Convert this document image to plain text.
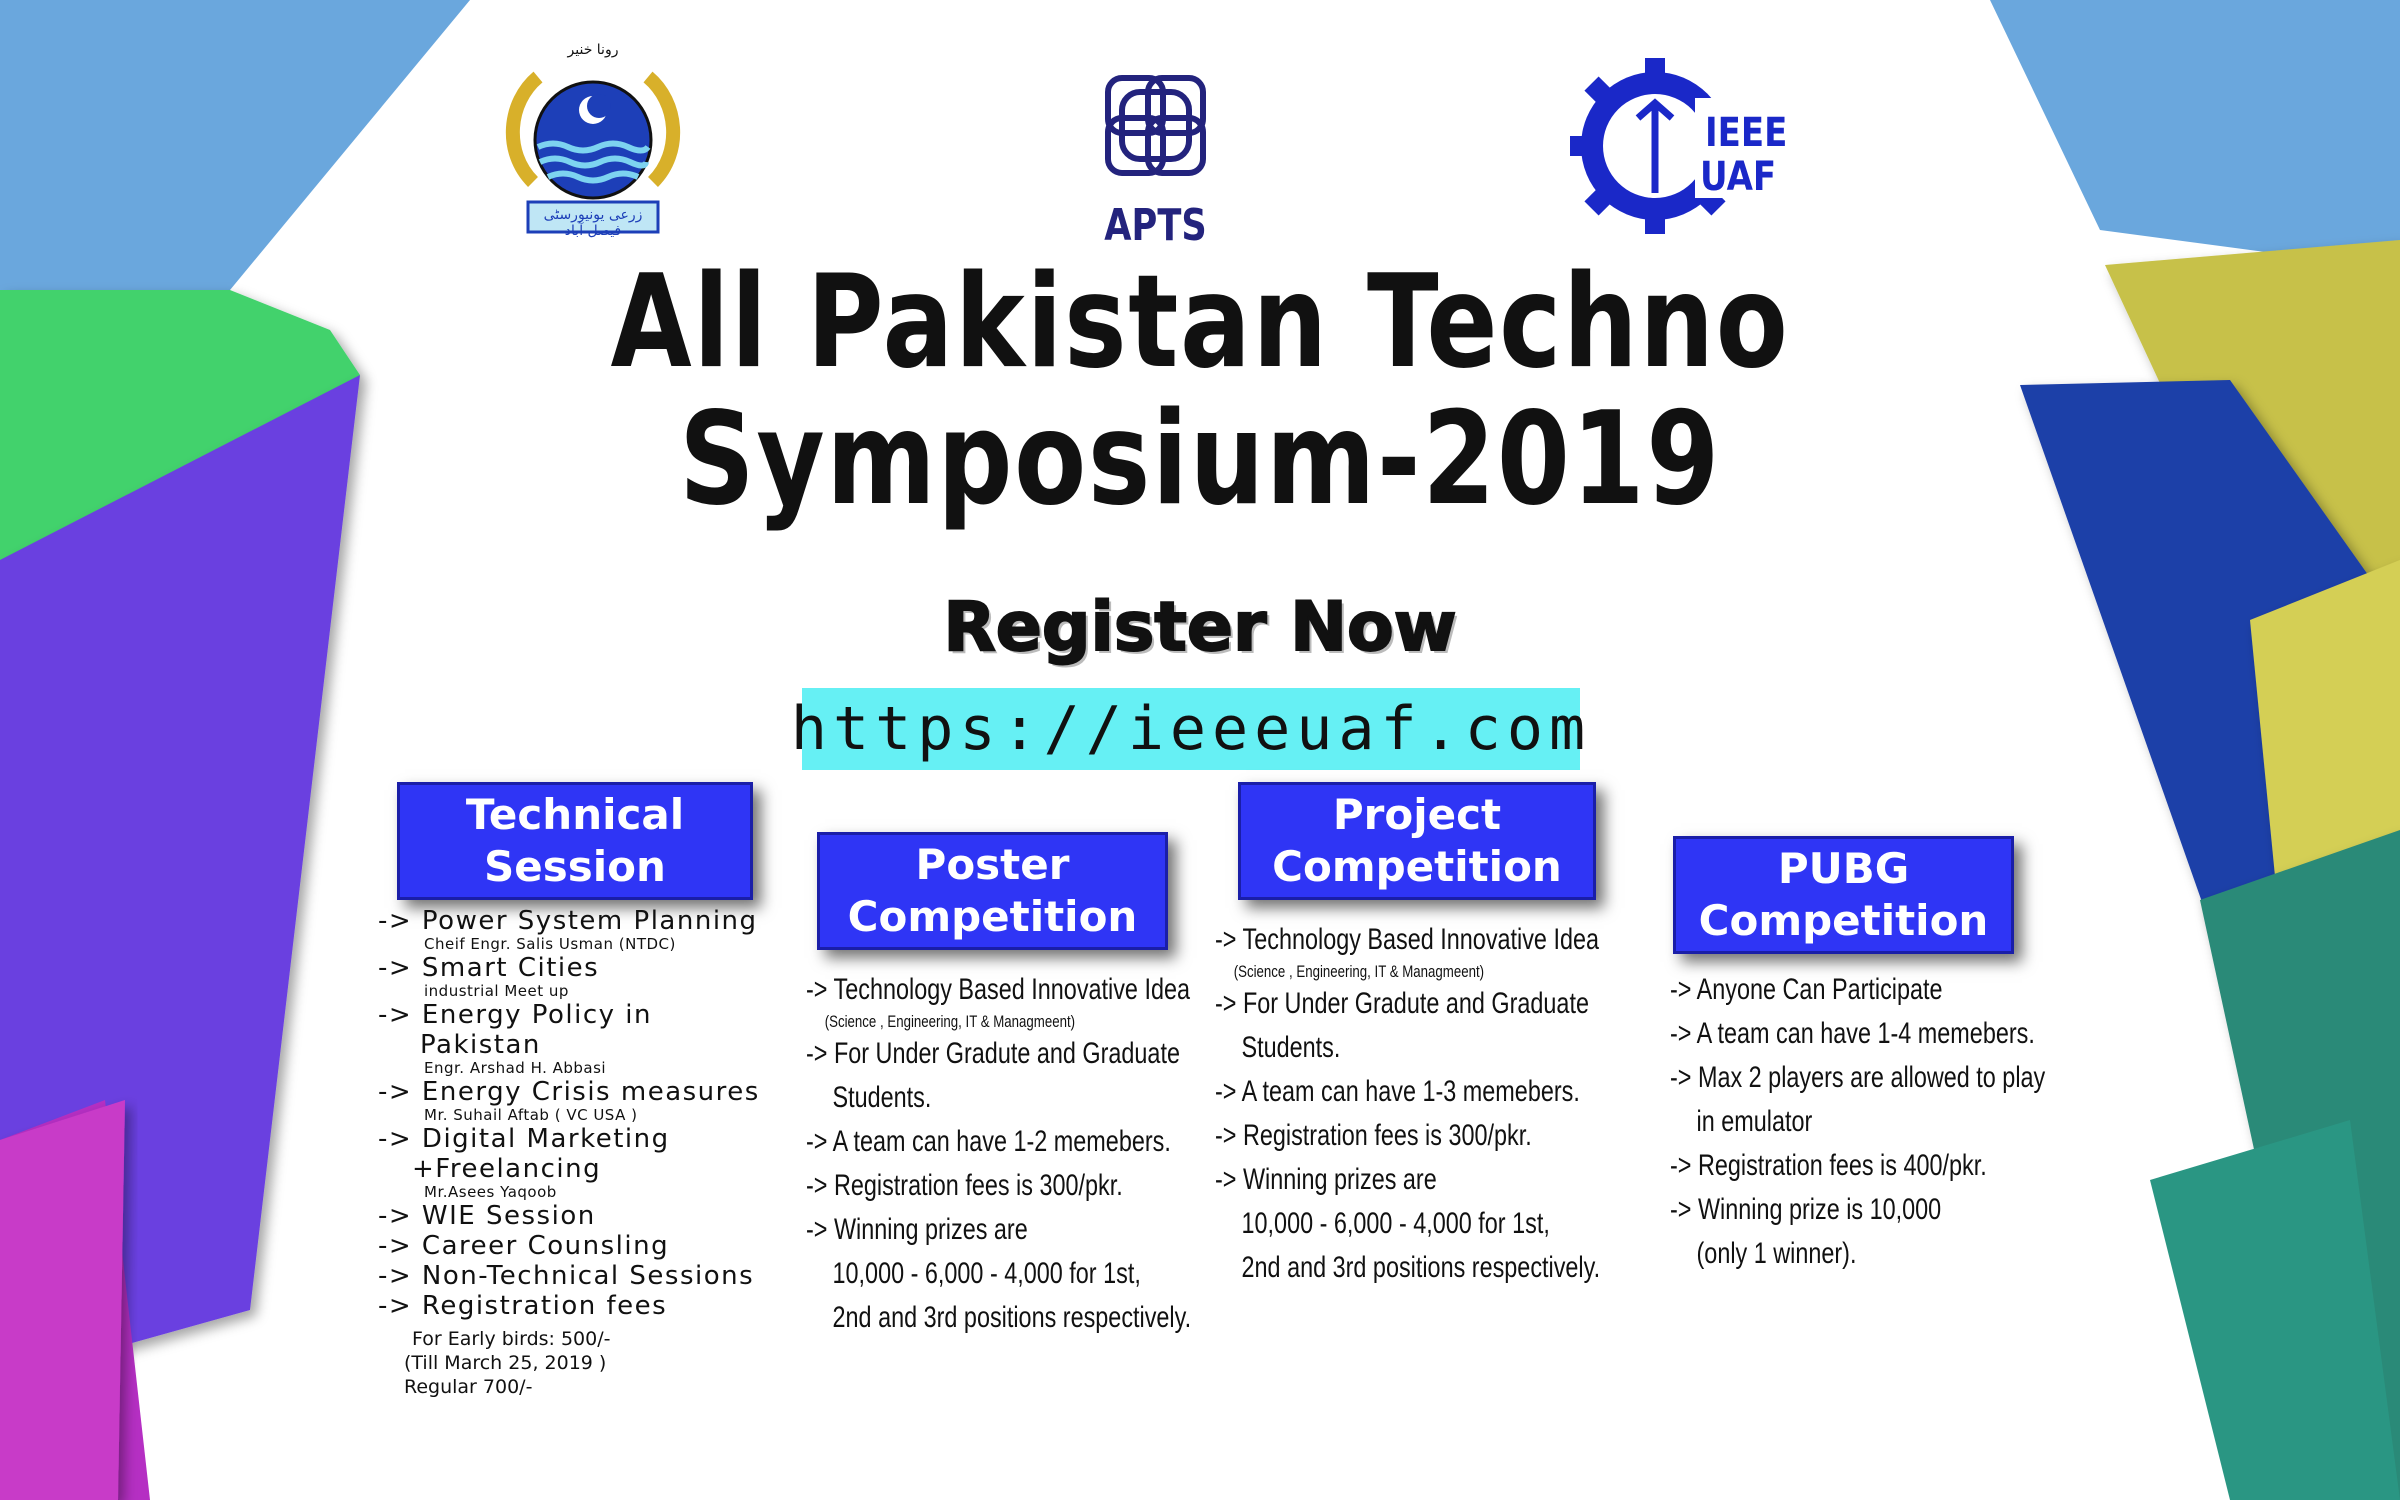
رونا خنیر
زرعی یونیورسٹی فیصل آباد	APTS
IEEE
UAF
All Pakistan Techno
Symposium-2019
Register Now
https://ieeeuaf.com
Technical
Session	Poster
Competition
Project
Competition	PUBG
Competition
-> Power System Planning
Cheif Engr. Salis Usman (NTDC)
-> Smart Cities
industrial Meet up
-> Energy Policy in
Pakistan
Engr. Arshad H. Abbasi
-> Energy Crisis measures
Mr. Suhail Aftab ( VC USA )
-> Digital Marketing
+Freelancing
Mr.Asees Yaqoob
-> WIE Session
-> Career Counsling
-> Non-Technical Sessions
-> Registration fees
For Early birds: 500/-
(Till March 25, 2019 )
Regular 700/-
-> Technology Based Innovative Idea
(Science , Engineering, IT & Managmeent)
-> For Under Gradute and Graduate
Students.
-> A team can have 1-2 memebers.
-> Registration fees is 300/pkr.
-> Winning prizes are
10,000 - 6,000 - 4,000 for 1st,
2nd and 3rd positions respectively.
-> Technology Based Innovative Idea
(Science , Engineering, IT & Managmeent)
-> For Under Gradute and Graduate
Students.
-> A team can have 1-3 memebers.
-> Registration fees is 300/pkr.
-> Winning prizes are
10,000 - 6,000 - 4,000 for 1st,
2nd and 3rd positions respectively.
-> Anyone Can Participate
-> A team can have 1-4 memebers.
-> Max 2 players are allowed to play
in emulator
-> Registration fees is 400/pkr.
-> Winning prize is 10,000
(only 1 winner).
